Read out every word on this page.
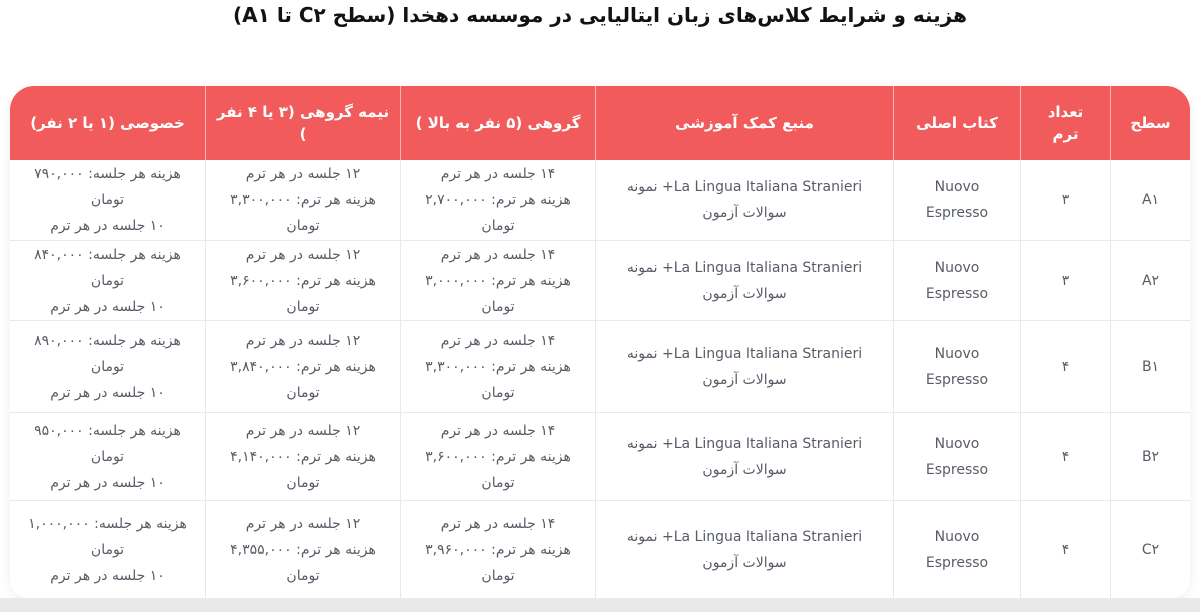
هزینه و شرایط کلاس‌های زبان ایتالیایی در موسسه دهخدا (سطح C۲ تا A۱)
سطح
تعداد ترم
کتاب اصلی
منبع کمک آموزشی
گروهی (۵ نفر به بالا )
نیمه گروهی (۳ یا ۴ نفر )
خصوصی (۱ یا ۲ نفر)
A۱
۳
Nuovo Espresso
La Lingua Italiana Stranieri+ نمونه سوالات آزمون
۱۴ جلسه در هر ترم
هزینه هر ترم: ۲,۷۰۰,۰۰۰ تومان
۱۲ جلسه در هر ترم
هزینه هر ترم: ۳,۳۰۰,۰۰۰ تومان
هزینه هر جلسه: ۷۹۰,۰۰۰ تومان
۱۰ جلسه در هر ترم
A۲
۳
Nuovo Espresso
La Lingua Italiana Stranieri+ نمونه سوالات آزمون
۱۴ جلسه در هر ترم
هزینه هر ترم: ۳,۰۰۰,۰۰۰ تومان
۱۲ جلسه در هر ترم
هزینه هر ترم: ۳,۶۰۰,۰۰۰ تومان
هزینه هر جلسه: ۸۴۰,۰۰۰ تومان
۱۰ جلسه در هر ترم
B۱
۴
Nuovo Espresso
La Lingua Italiana Stranieri+ نمونه سوالات آزمون
۱۴ جلسه در هر ترم
هزینه هر ترم: ۳,۳۰۰,۰۰۰ تومان
۱۲ جلسه در هر ترم
هزینه هر ترم: ۳,۸۴۰,۰۰۰ تومان
هزینه هر جلسه: ۸۹۰,۰۰۰ تومان
۱۰ جلسه در هر ترم
B۲
۴
Nuovo Espresso
La Lingua Italiana Stranieri+ نمونه سوالات آزمون
۱۴ جلسه در هر ترم
هزینه هر ترم: ۳,۶۰۰,۰۰۰ تومان
۱۲ جلسه در هر ترم
هزینه هر ترم: ۴,۱۴۰,۰۰۰ تومان
هزینه هر جلسه: ۹۵۰,۰۰۰ تومان
۱۰ جلسه در هر ترم
C۲
۴
Nuovo Espresso
La Lingua Italiana Stranieri+ نمونه سوالات آزمون
۱۴ جلسه در هر ترم
هزینه هر ترم: ۳,۹۶۰,۰۰۰ تومان
۱۲ جلسه در هر ترم
هزینه هر ترم: ۴,۳۵۵,۰۰۰ تومان
هزینه هر جلسه: ۱,۰۰۰,۰۰۰ تومان
۱۰ جلسه در هر ترم
